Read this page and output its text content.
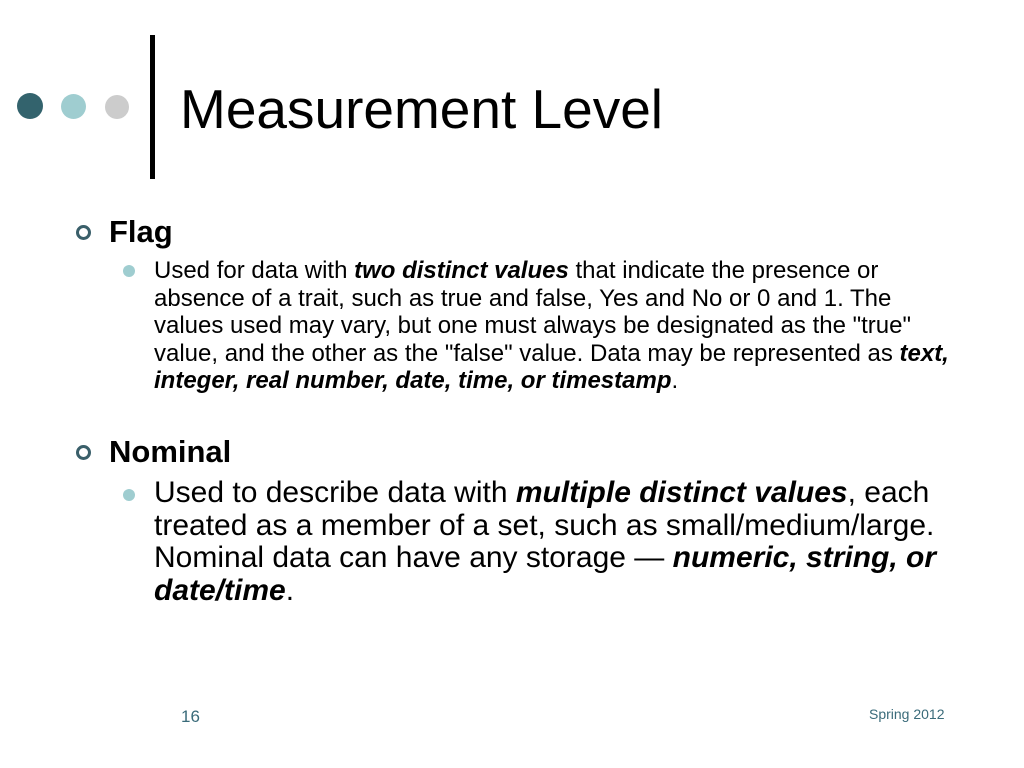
Measurement Level
Flag

Used for data with two distinct values that indicate the presence or absence of a trait, such as true and false, Yes and No or 0 and 1. The values used may vary, but one must always be designated as the "true" value, and the other as the "false" value. Data may be represented as text, integer, real number, date, time, or timestamp.

Nominal

Used to describe data with multiple distinct values, each treated as a member of a set, such as small/medium/large. Nominal data can have any storage — numeric, string, or date/time.

16	Spring 2012
